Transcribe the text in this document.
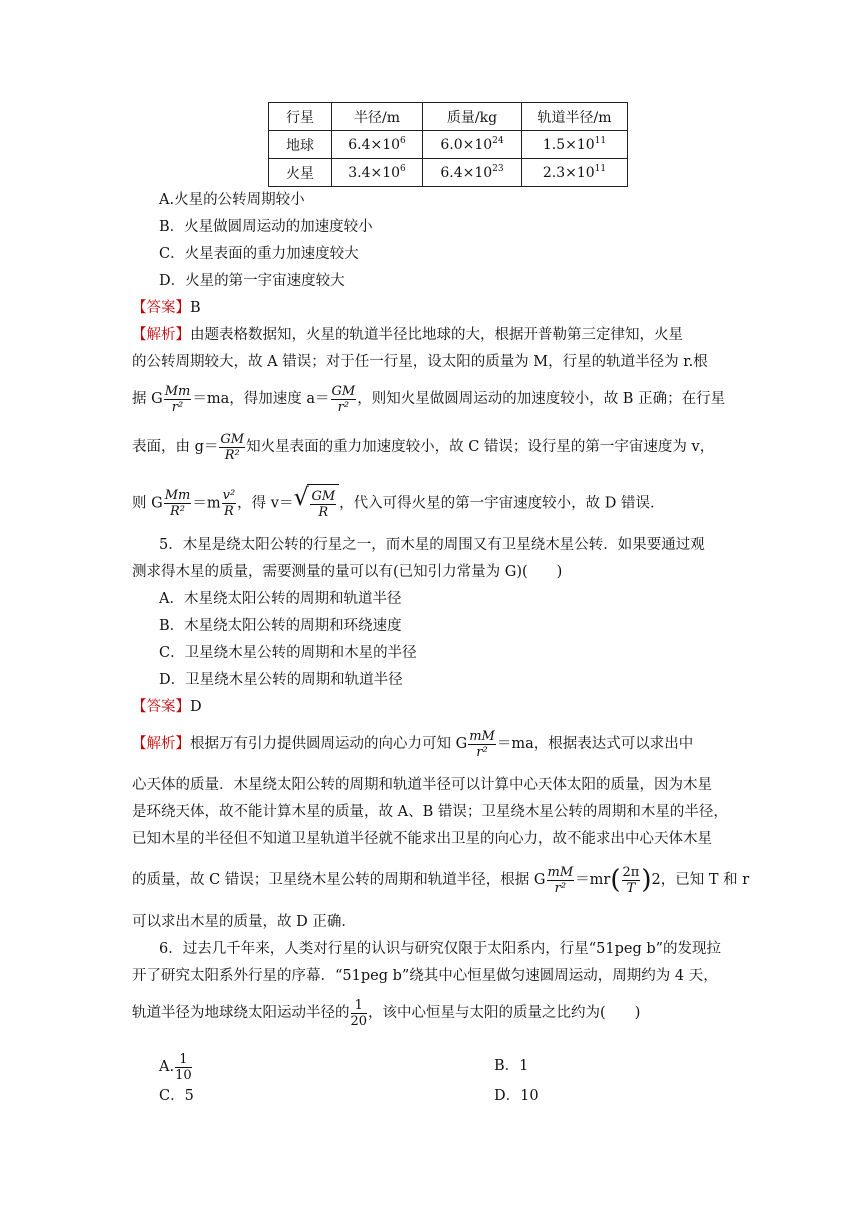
行星	半径/m	质量/kg	轨道半径/m
地球	$6.4\times 10^6$	$6.0\times 10^{24}$	$1.5\times 10^{11}$
火星	$3.4\times 10^6$	$6.4\times 10^{23}$	$2.3\times 10^{11}$
A.火星的公转周期较小
B．火星做圆周运动的加速度较小
C．火星表面的重力加速度较大
D．火星的第一宇宙速度较大
【答案】B
【解析】由题表格数据知，火星的轨道半径比地球的大，根据开普勒第三定律知，火星
的公转周期较大，故 A 错误；对于任一行星，设太阳的质量为 M，行星的轨道半径为 r.根
据 G $\frac{Mm}{\text{r²}} =ma$，得加速度 $a= \frac{GM}{\text{r²}}$ ，则知火星做圆周运动的加速度较小，故 B 正确；在行星
表面，由 $g= \frac{GM}{\text{R²}}$ 知火星表面的重力加速度较小，故 C 错误；设行星的第一宇宙速度为 v，
则 G $\frac{Mm}{\text{R²}} =m \frac{\text{v²}}{R}$ ，得 v＝ √ $\frac{GM}{R}$ ，代入可得火星的第一宇宙速度较小，故 D 错误．
5．木星是绕太阳公转的行星之一，而木星的周围又有卫星绕木星公转．如果要通过观
测求得木星的质量，需要测量的量可以有(已知引力常量为 G)(　　)
A．木星绕太阳公转的周期和轨道半径
B．木星绕太阳公转的周期和环绕速度
C．卫星绕木星公转的周期和木星的半径
D．卫星绕木星公转的周期和轨道半径
【答案】D
【解析】根据万有引力提供圆周运动的向心力可知 G $\frac{mM}{\text{r²}} =ma$，根据表达式可以求出中
心天体的质量．木星绕太阳公转的周期和轨道半径可以计算中心天体太阳的质量，因为木星
是环绕天体，故不能计算木星的质量，故 A、B 错误；卫星绕木星公转的周期和木星的半径，
已知木星的半径但不知道卫星轨道半径就不能求出卫星的向心力，故不能求出中心天体木星
的质量，故 C 错误；卫星绕木星公转的周期和轨道半径，根据 G $\frac{mM}{\text{r²}} =mr( \frac{2\pi}{T} )2$，已知 T 和 r
可以求出木星的质量，故 D 正确．
6．过去几千年来，人类对行星的认识与研究仅限于太阳系内，行星“51peg b”的发现拉
开了研究太阳系外行星的序幕．“51peg b”绕其中心恒星做匀速圆周运动，周期约为 4 天，
轨道半径为地球绕太阳运动半径的 $\frac{1}{20}$ ，该中心恒星与太阳的质量之比约为(　　)
A. $\frac{1}{10}$	B．1
C．5	D．10
